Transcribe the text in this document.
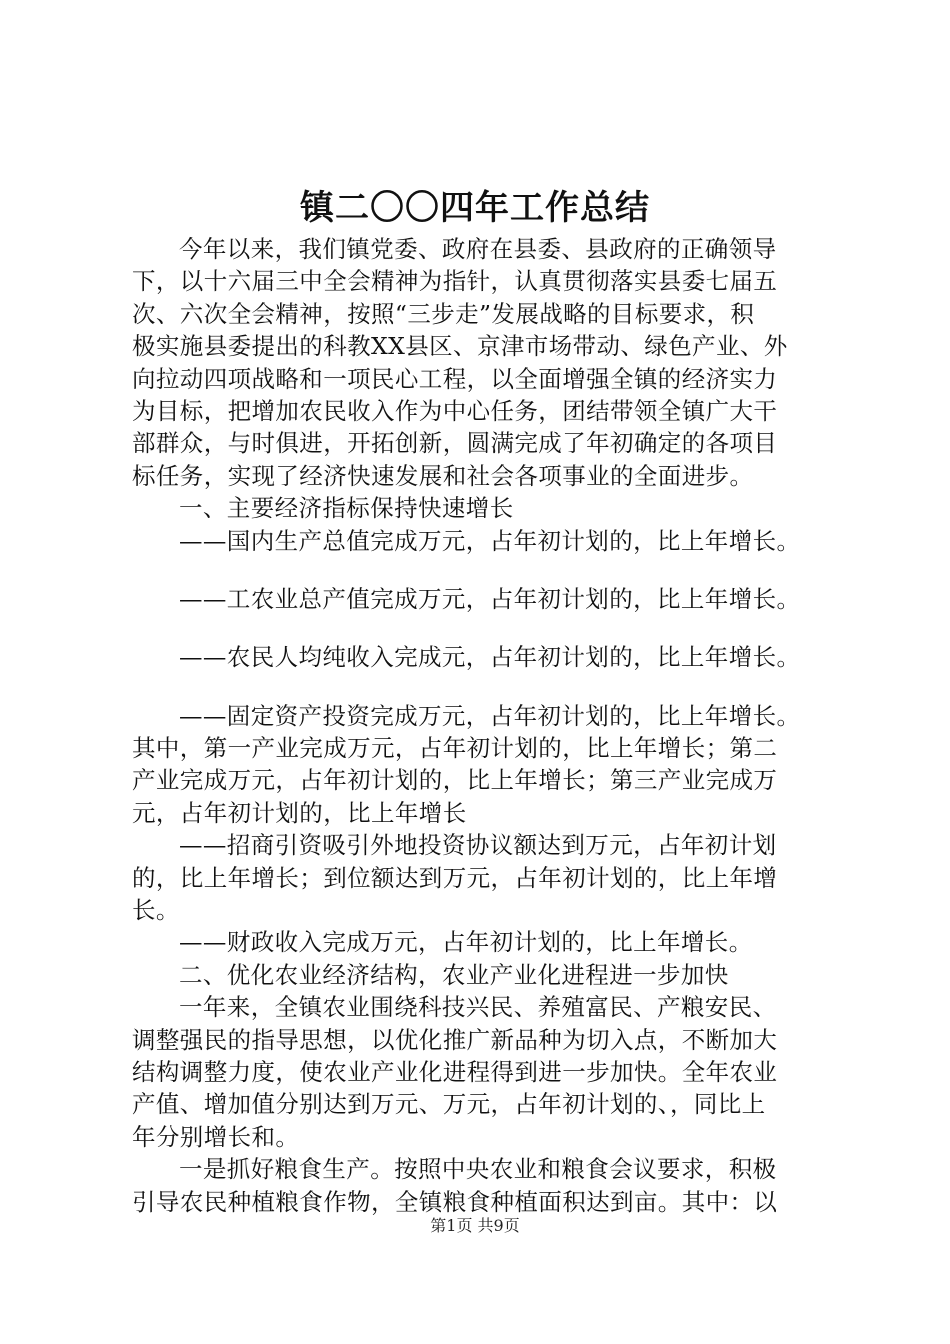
镇二〇〇四年工作总结
今年以来，我们镇党委、政府在县委、县政府的正确领导
下，以十六届三中全会精神为指针，认真贯彻落实县委七届五
次、六次全会精神，按照“三步走”发展战略的目标要求，积
极实施县委提出的科教XX县区、京津市场带动、绿色产业、外
向拉动四项战略和一项民心工程，以全面增强全镇的经济实力
为目标，把增加农民收入作为中心任务，团结带领全镇广大干
部群众，与时俱进，开拓创新，圆满完成了年初确定的各项目
标任务，实现了经济快速发展和社会各项事业的全面进步。
一、主要经济指标保持快速增长
——国内生产总值完成万元，占年初计划的，比上年增长。
——工农业总产值完成万元，占年初计划的，比上年增长。
——农民人均纯收入完成元，占年初计划的，比上年增长。
——固定资产投资完成万元，占年初计划的，比上年增长。
其中，第一产业完成万元，占年初计划的，比上年增长；第二
产业完成万元，占年初计划的，比上年增长；第三产业完成万
元，占年初计划的，比上年增长
——招商引资吸引外地投资协议额达到万元，占年初计划
的，比上年增长；到位额达到万元，占年初计划的，比上年增
长。
——财政收入完成万元，占年初计划的，比上年增长。
二、优化农业经济结构，农业产业化进程进一步加快
一年来，全镇农业围绕科技兴民、养殖富民、产粮安民、
调整强民的指导思想，以优化推广新品种为切入点，不断加大
结构调整力度，使农业产业化进程得到进一步加快。全年农业
产值、增加值分别达到万元、万元，占年初计划的、，同比上
年分别增长和。
一是抓好粮食生产。按照中央农业和粮食会议要求，积极
引导农民种植粮食作物，全镇粮食种植面积达到亩。其中：以
第1页 共9页
